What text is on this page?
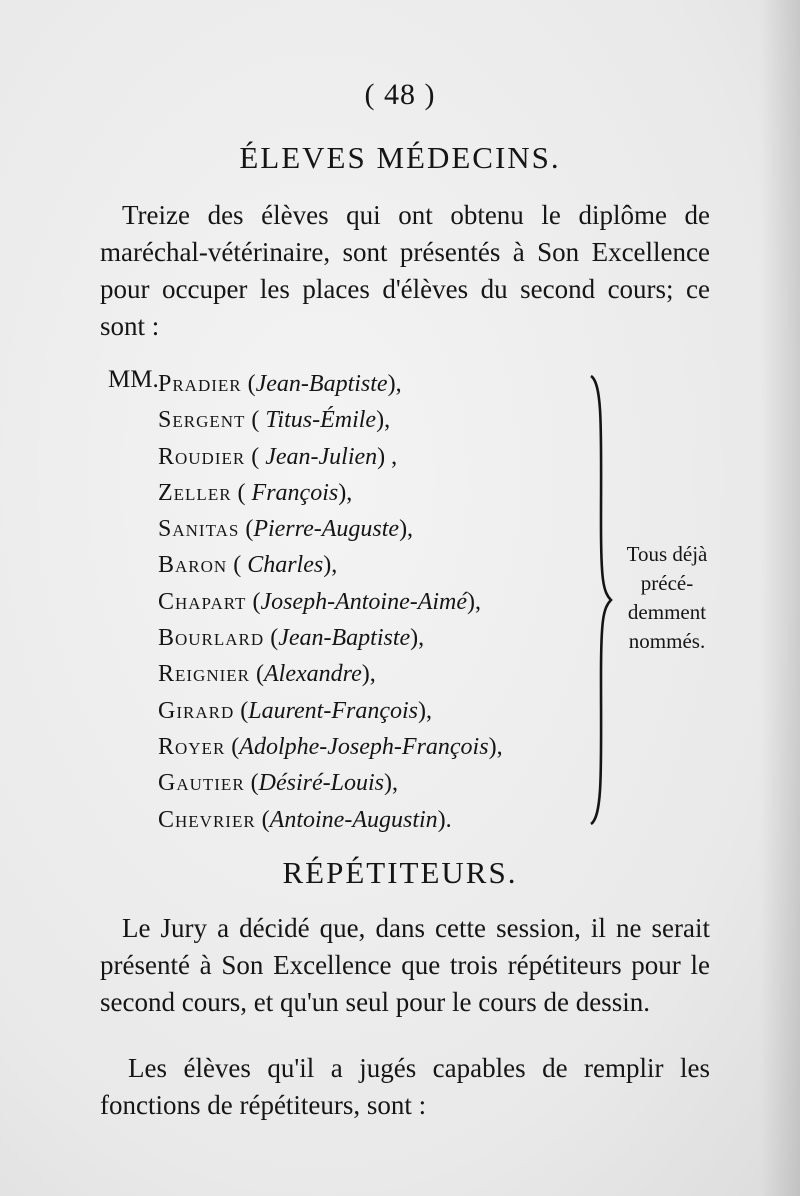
( 48 )
ÉLEVES MÉDECINS.

Treize des élèves qui ont obtenu le diplôme de maréchal-vétérinaire, sont présentés à Son Excellence pour occuper les places d'élèves du second cours; ce sont :

MM. Pradier (Jean-Baptiste),
Sergent ( Titus-Émile),
Roudier ( Jean-Julien) ,
Zeller ( François),
Sanitas (Pierre-Auguste),
Baron ( Charles),
Chapart (Joseph-Antoine-Aimé),
Bourlard (Jean-Baptiste),
Reignier (Alexandre),
Girard (Laurent-François),
Royer (Adolphe-Joseph-François),
Gautier (Désiré-Louis),
Chevrier (Antoine-Augustin).
Tous déjà
précé-
demment
nommés.
RÉPÉTITEURS.

Le Jury a décidé que, dans cette session, il ne serait présenté à Son Excellence que trois répétiteurs pour le second cours, et qu'un seul pour le cours de dessin.

Les élèves qu'il a jugés capables de remplir les fonctions de répétiteurs, sont :
